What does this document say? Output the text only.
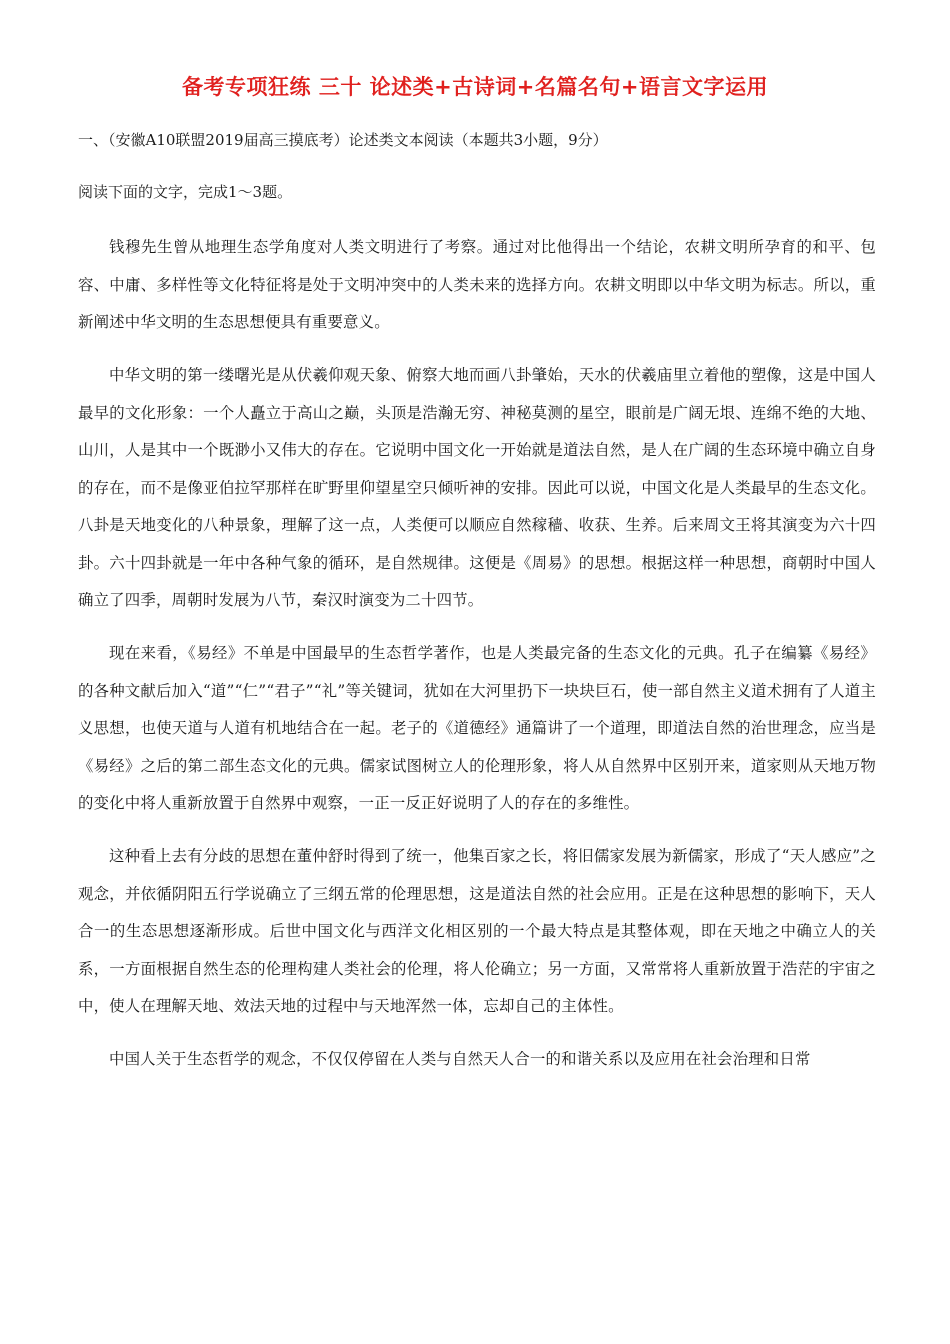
备考专项狂练 三十 论述类+古诗词+名篇名句+语言文字运用
一、（安徽A10联盟2019届高三摸底考）论述类文本阅读（本题共3小题，9分）
阅读下面的文字，完成1～3题。

钱穆先生曾从地理生态学角度对人类文明进行了考察。通过对比他得出一个结论，农耕文明所孕育的和平、包容、中庸、多样性等文化特征将是处于文明冲突中的人类未来的选择方向。农耕文明即以中华文明为标志。所以，重新阐述中华文明的生态思想便具有重要意义。

中华文明的第一缕曙光是从伏羲仰观天象、俯察大地而画八卦肇始，天水的伏羲庙里立着他的塑像，这是中国人最早的文化形象：一个人矗立于高山之巅，头顶是浩瀚无穷、神秘莫测的星空，眼前是广阔无垠、连绵不绝的大地、山川，人是其中一个既渺小又伟大的存在。它说明中国文化一开始就是道法自然，是人在广阔的生态环境中确立自身的存在，而不是像亚伯拉罕那样在旷野里仰望星空只倾听神的安排。因此可以说，中国文化是人类最早的生态文化。八卦是天地变化的八种景象，理解了这一点，人类便可以顺应自然稼穑、收获、生养。后来周文王将其演变为六十四卦。六十四卦就是一年中各种气象的循环，是自然规律。这便是《周易》的思想。根据这样一种思想，商朝时中国人确立了四季，周朝时发展为八节，秦汉时演变为二十四节。

现在来看，《易经》不单是中国最早的生态哲学著作，也是人类最完备的生态文化的元典。孔子在编纂《易经》的各种文献后加入“道”“仁”“君子”“礼”等关键词，犹如在大河里扔下一块块巨石，使一部自然主义道术拥有了人道主义思想，也使天道与人道有机地结合在一起。老子的《道德经》通篇讲了一个道理，即道法自然的治世理念，应当是《易经》之后的第二部生态文化的元典。儒家试图树立人的伦理形象，将人从自然界中区别开来，道家则从天地万物的变化中将人重新放置于自然界中观察，一正一反正好说明了人的存在的多维性。

这种看上去有分歧的思想在董仲舒时得到了统一，他集百家之长，将旧儒家发展为新儒家，形成了“天人感应”之观念，并依循阴阳五行学说确立了三纲五常的伦理思想，这是道法自然的社会应用。正是在这种思想的影响下，天人合一的生态思想逐渐形成。后世中国文化与西洋文化相区别的一个最大特点是其整体观，即在天地之中确立人的关系，一方面根据自然生态的伦理构建人类社会的伦理，将人伦确立；另一方面，又常常将人重新放置于浩茫的宇宙之中，使人在理解天地、效法天地的过程中与天地浑然一体，忘却自己的主体性。

中国人关于生态哲学的观念，不仅仅停留在人类与自然天人合一的和谐关系以及应用在社会治理和日常
